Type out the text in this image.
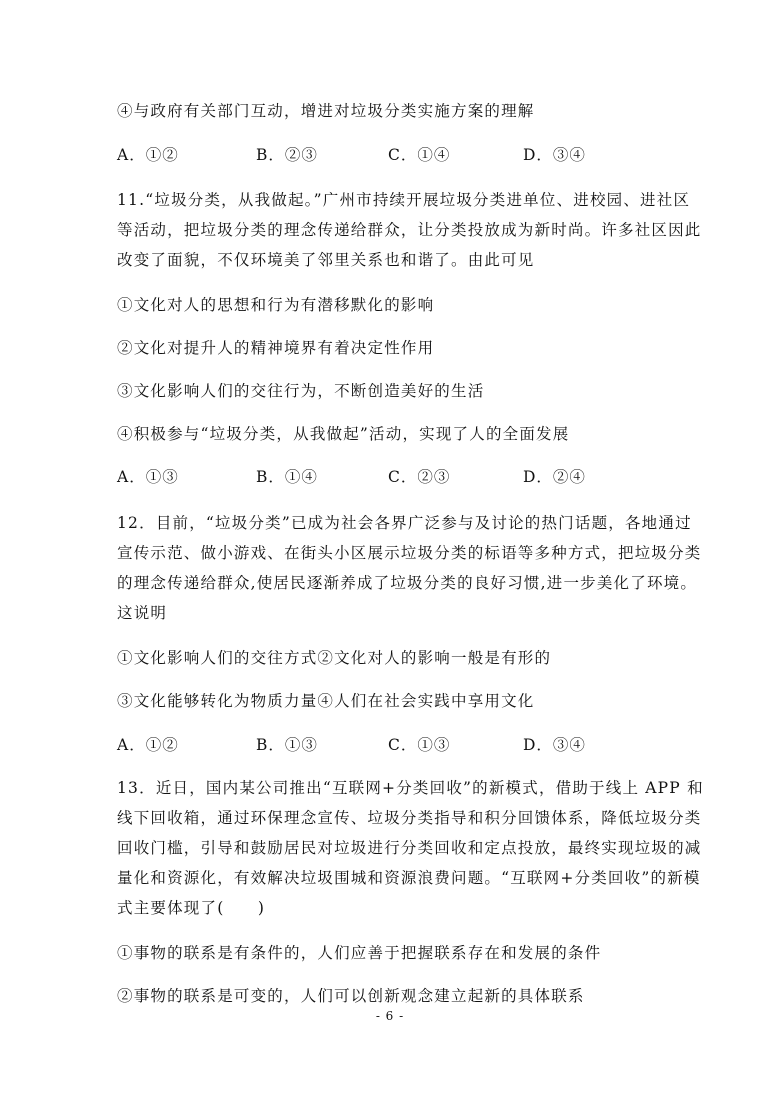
④与政府有关部门互动，增进对垃圾分类实施方案的理解
A．①②	B．②③	C．①④	D．③④
11.“垃圾分类，从我做起。”广州市持续开展垃圾分类进单位、进校园、进社区
等活动，把垃圾分类的理念传递给群众，让分类投放成为新时尚。许多社区因此
改变了面貌，不仅环境美了邻里关系也和谐了。由此可见
①文化对人的思想和行为有潜移默化的影响
②文化对提升人的精神境界有着决定性作用
③文化影响人们的交往行为，不断创造美好的生活
④积极参与“垃圾分类，从我做起”活动，实现了人的全面发展
A．①③	B．①④	C．②③	D．②④
12．目前，“垃圾分类”已成为社会各界广泛参与及讨论的热门话题，各地通过
宣传示范、做小游戏、在街头小区展示垃圾分类的标语等多种方式，把垃圾分类
的理念传递给群众,使居民逐渐养成了垃圾分类的良好习惯,进一步美化了环境。
这说明
①文化影响人们的交往方式②文化对人的影响一般是有形的
③文化能够转化为物质力量④人们在社会实践中享用文化
A．①②	B．①③	C．①③	D．③④
13．近日，国内某公司推出“互联网+分类回收”的新模式，借助于线上 APP 和
线下回收箱，通过环保理念宣传、垃圾分类指导和积分回馈体系，降低垃圾分类
回收门槛，引导和鼓励居民对垃圾进行分类回收和定点投放，最终实现垃圾的减
量化和资源化，有效解决垃圾围城和资源浪费问题。“互联网+分类回收”的新模
式主要体现了(　　)
①事物的联系是有条件的，人们应善于把握联系存在和发展的条件
②事物的联系是可变的，人们可以创新观念建立起新的具体联系
- 6 -
